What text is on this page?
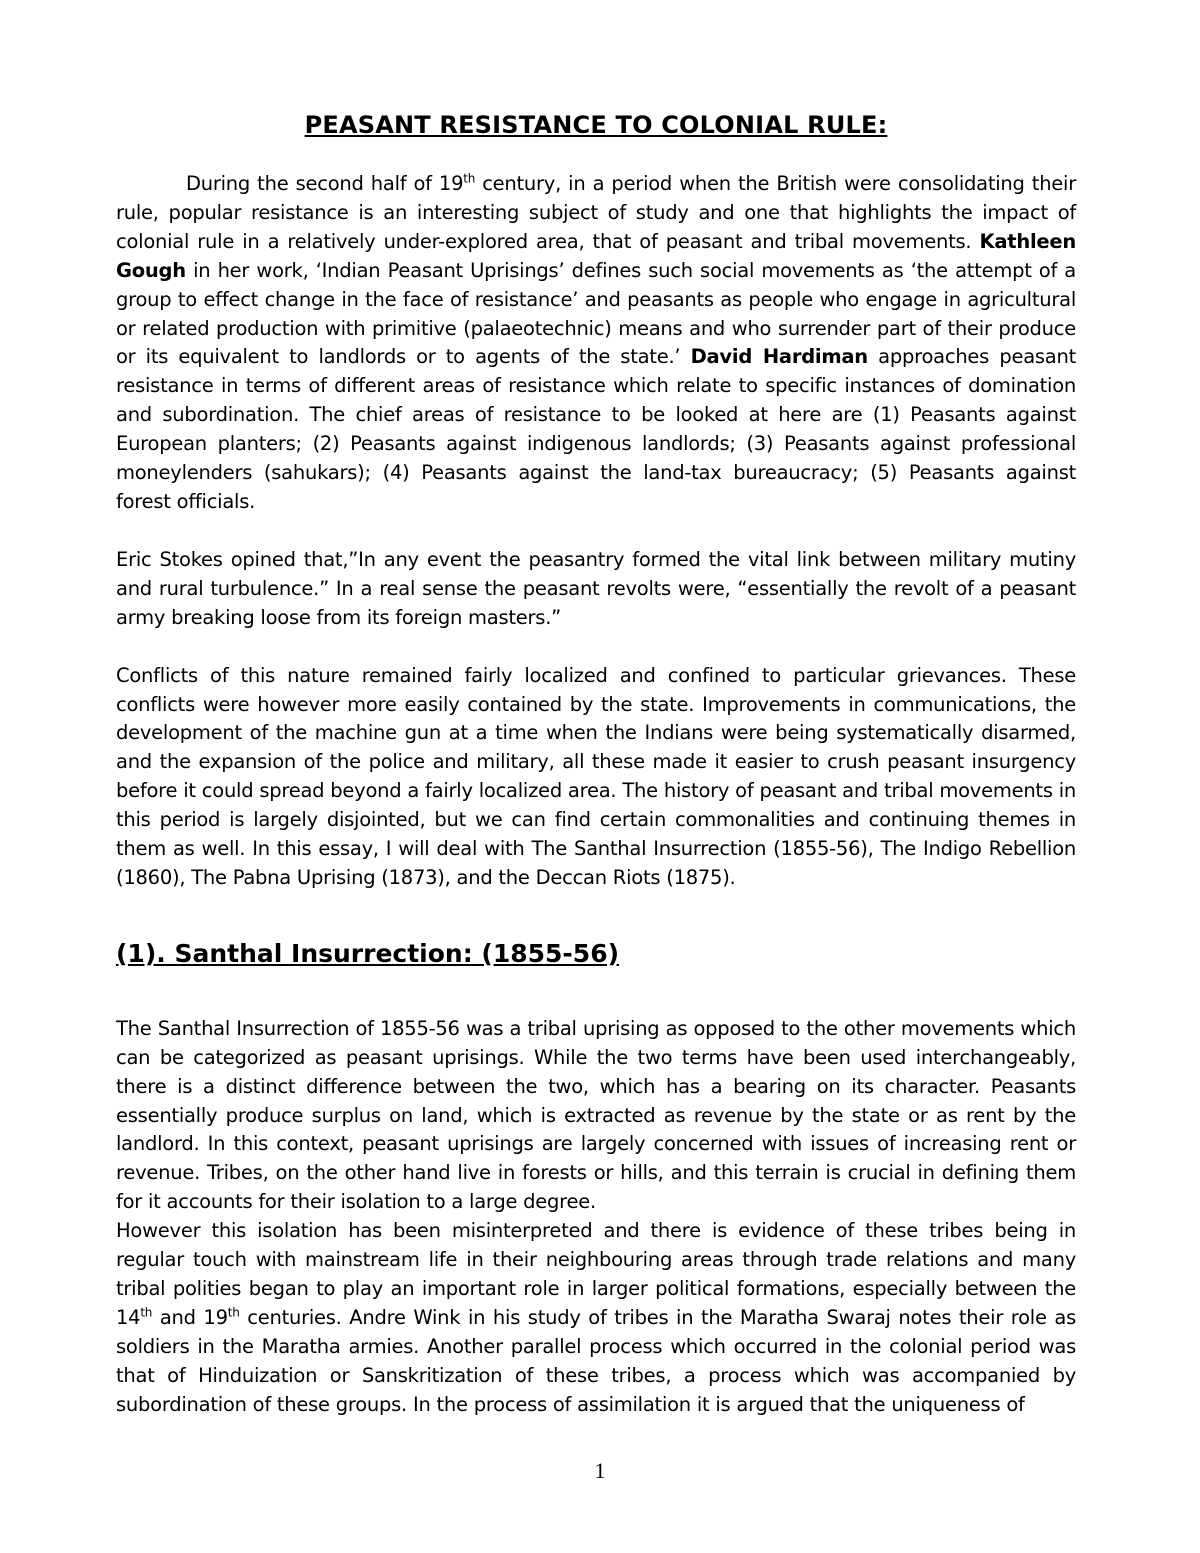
PEASANT RESISTANCE TO COLONIAL RULE:

During the second half of 19th century, in a period when the British were consolidating their rule, popular resistance is an interesting subject of study and one that highlights the impact of colonial rule in a relatively under-explored area, that of peasant and tribal movements. Kathleen Gough in her work, ‘Indian Peasant Uprisings’ defines such social movements as ‘the attempt of a group to effect change in the face of resistance’ and peasants as people who engage in agricultural or related production with primitive (palaeotechnic) means and who surrender part of their produce or its equivalent to landlords or to agents of the state.’ David Hardiman approaches peasant resistance in terms of different areas of resistance which relate to specific instances of domination and subordination. The chief areas of resistance to be looked at here are (1) Peasants against European planters; (2) Peasants against indigenous landlords; (3) Peasants against professional moneylenders (sahukars); (4) Peasants against the land-tax bureaucracy; (5) Peasants against forest officials.

Eric Stokes opined that,”In any event the peasantry formed the vital link between military mutiny and rural turbulence.” In a real sense the peasant revolts were, “essentially the revolt of a peasant army breaking loose from its foreign masters.”

Conflicts of this nature remained fairly localized and confined to particular grievances. These conflicts were however more easily contained by the state. Improvements in communications, the development of the machine gun at a time when the Indians were being systematically disarmed, and the expansion of the police and military, all these made it easier to crush peasant insurgency before it could spread beyond a fairly localized area. The history of peasant and tribal movements in this period is largely disjointed, but we can find certain commonalities and continuing themes in them as well. In this essay, I will deal with The Santhal Insurrection (1855-56), The Indigo Rebellion (1860), The Pabna Uprising (1873), and the Deccan Riots (1875).

(1). Santhal Insurrection: (1855-56)

The Santhal Insurrection of 1855-56 was a tribal uprising as opposed to the other movements which can be categorized as peasant uprisings. While the two terms have been used interchangeably, there is a distinct difference between the two, which has a bearing on its character. Peasants essentially produce surplus on land, which is extracted as revenue by the state or as rent by the landlord. In this context, peasant uprisings are largely concerned with issues of increasing rent or revenue. Tribes, on the other hand live in forests or hills, and this terrain is crucial in defining them for it accounts for their isolation to a large degree.

However this isolation has been misinterpreted and there is evidence of these tribes being in regular touch with mainstream life in their neighbouring areas through trade relations and many tribal polities began to play an important role in larger political formations, especially between the 14th and 19th centuries. Andre Wink in his study of tribes in the Maratha Swaraj notes their role as soldiers in the Maratha armies. Another parallel process which occurred in the colonial period was that of Hinduization or Sanskritization of these tribes, a process which was accompanied by subordination of these groups. In the process of assimilation it is argued that the uniqueness of

1
